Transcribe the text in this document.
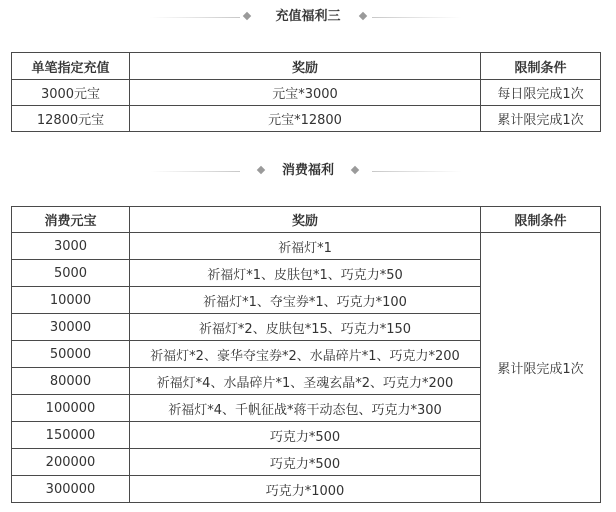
充值福利三
单笔指定充值	奖励	限制条件
3000元宝	元宝*3000	每日限完成1次
12800元宝	元宝*12800	累计限完成1次
消费福利
消费元宝	奖励	限制条件
3000	祈福灯*1	累计限完成1次
5000	祈福灯*1、皮肤包*1、巧克力*50	
10000	祈福灯*1、夺宝券*1、巧克力*100	
30000	祈福灯*2、皮肤包*15、巧克力*150	
50000	祈福灯*2、豪华夺宝券*2、水晶碎片*1、巧克力*200	
80000	祈福灯*4、水晶碎片*1、圣魂玄晶*2、巧克力*200	
100000	祈福灯*4、千帆征战*蒋干动态包、巧克力*300	
150000	巧克力*500	
200000	巧克力*500	
300000	巧克力*1000	
